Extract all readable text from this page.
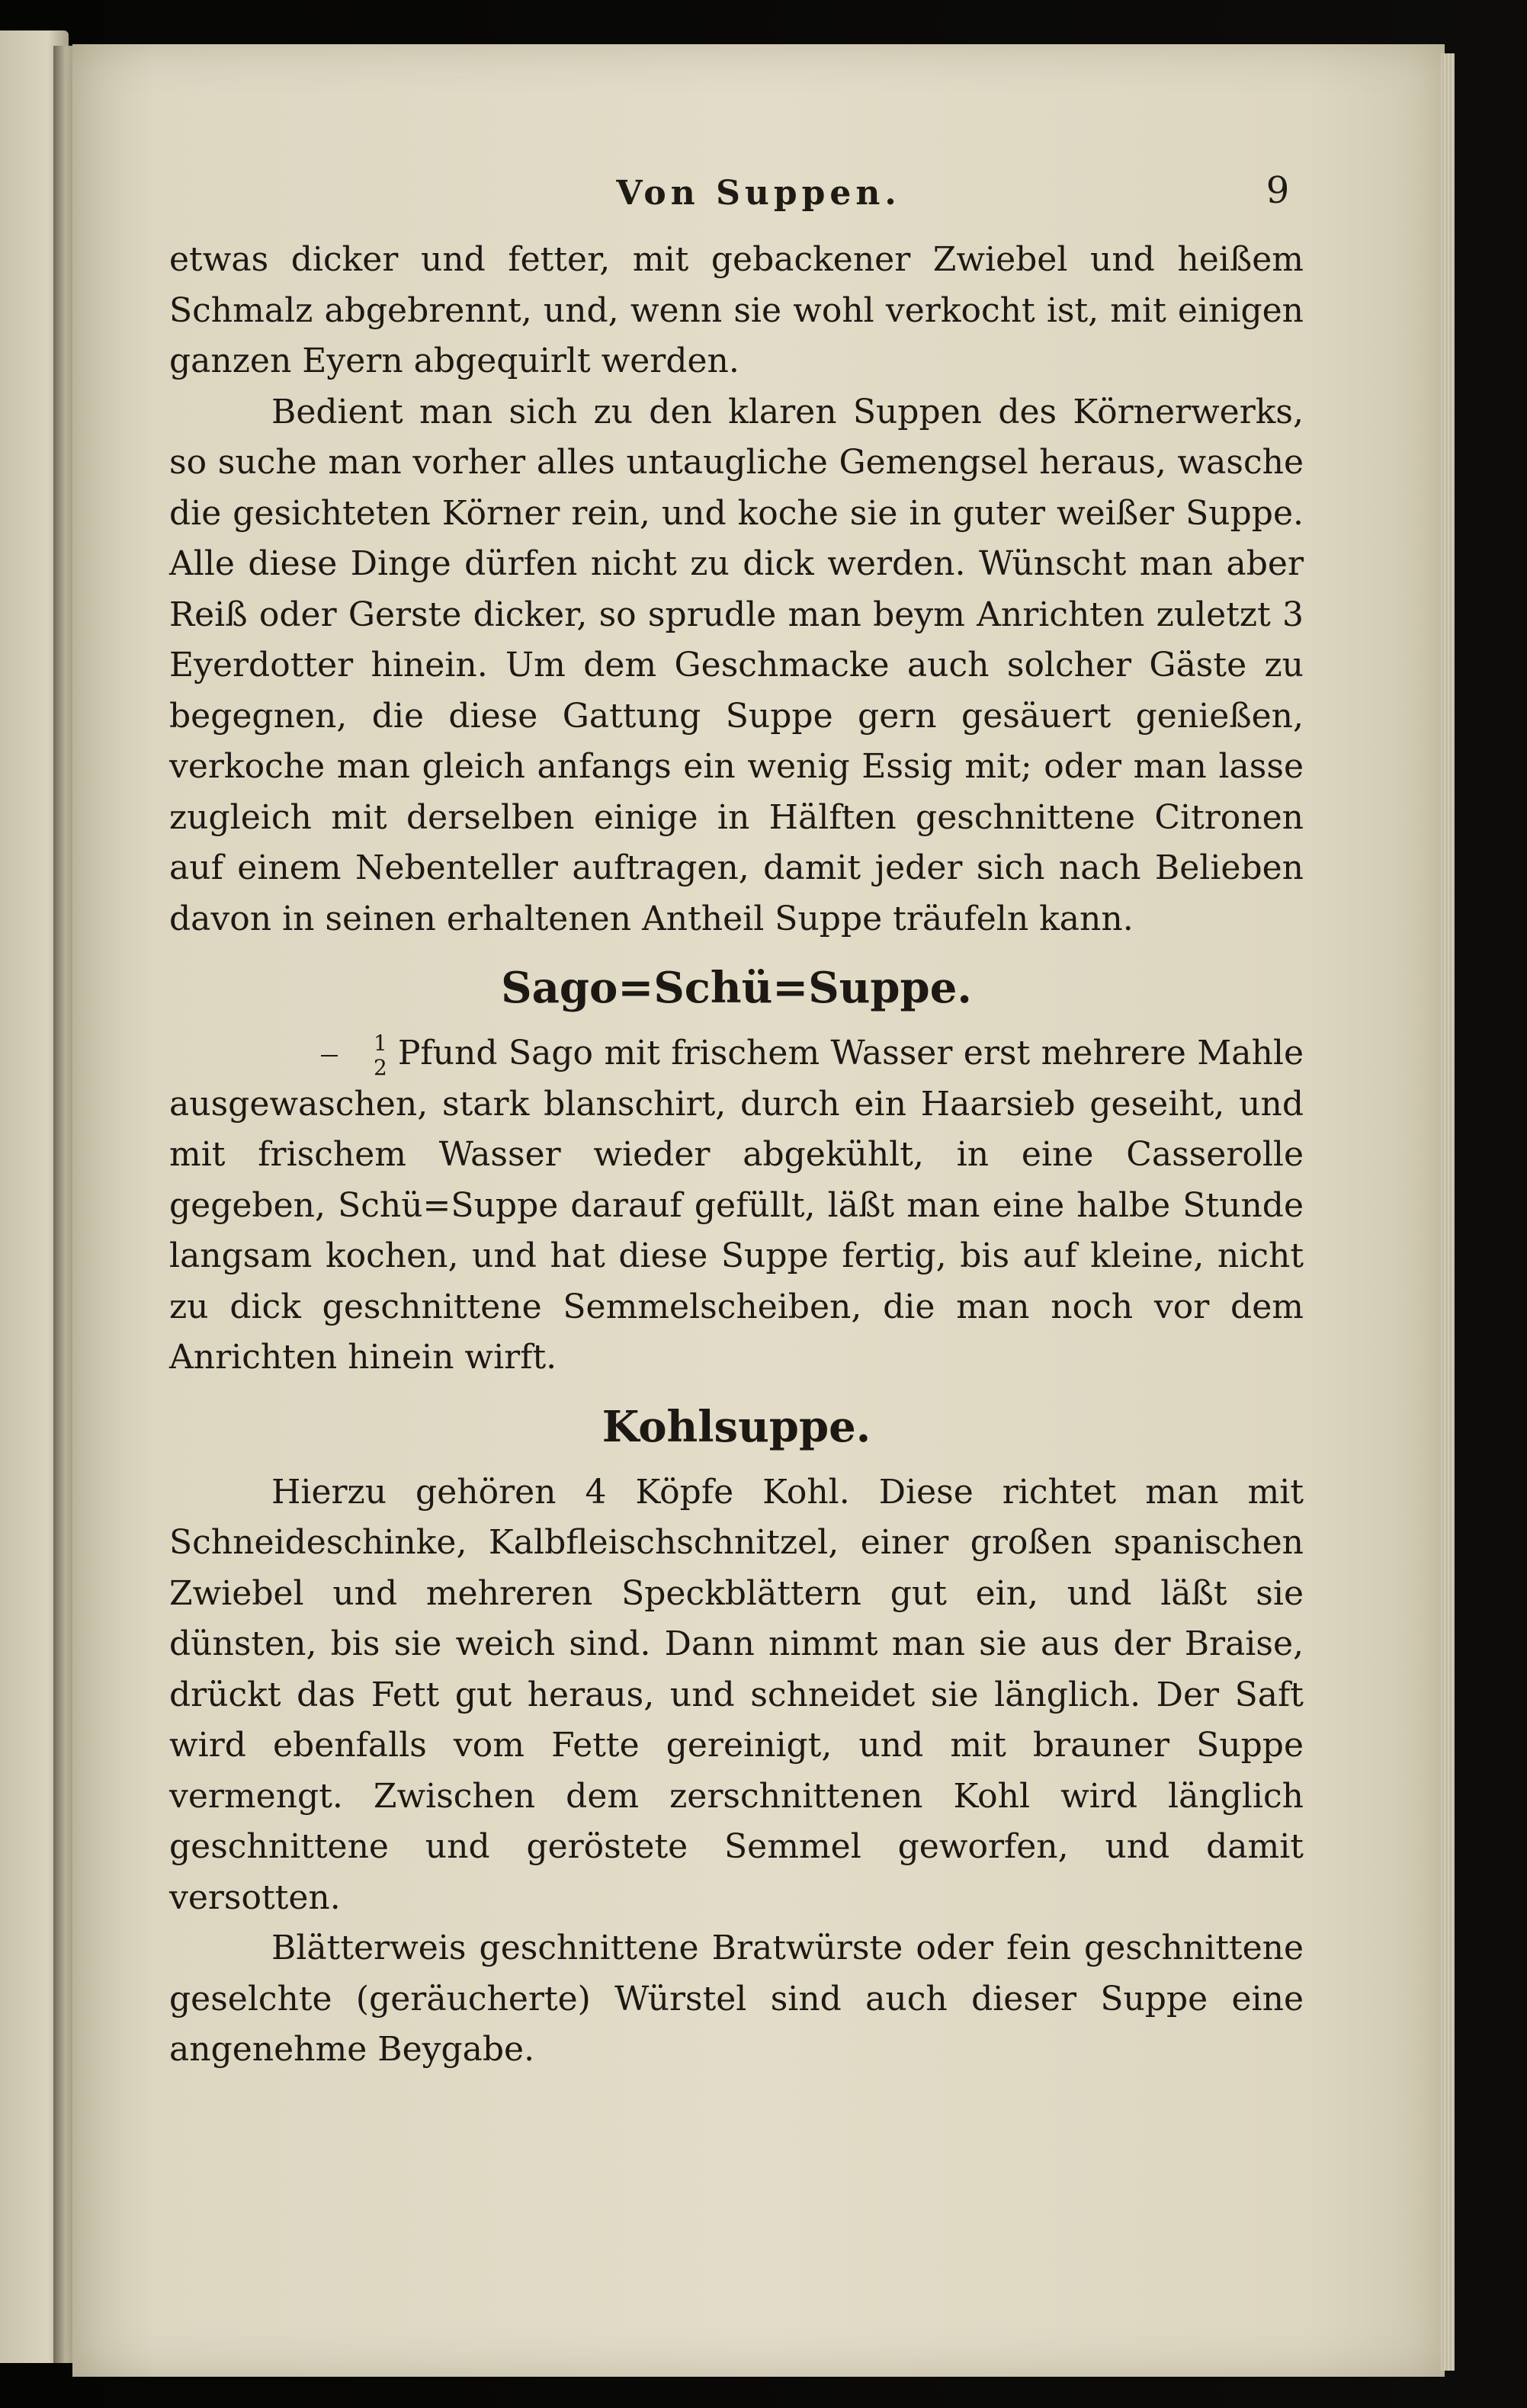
Von Suppen.	9

etwas dicker und fetter, mit gebackener Zwiebel und heißem Schmalz abgebrennt, und, wenn sie wohl verkocht ist, mit einigen ganzen Eyern abgequirlt werden.

Bedient man sich zu den klaren Suppen des Körnerwerks, so suche man vorher alles untaugliche Gemengsel heraus, wasche die gesichteten Körner rein, und koche sie in guter weißer Suppe. Alle diese Dinge dürfen nicht zu dick werden. Wünscht man aber Reiß oder Gerste dicker, so sprudle man beym Anrichten zuletzt 3 Eyerdotter hinein. Um dem Geschmacke auch solcher Gäste zu begegnen, die diese Gattung Suppe gern gesäuert genießen, verkoche man gleich anfangs ein wenig Essig mit; oder man lasse zugleich mit derselben einige in Hälften geschnittene Citronen auf einem Nebenteller auftragen, damit jeder sich nach Belieben davon in seinen erhaltenen Antheil Suppe träufeln kann.

Sago=Schü=Suppe.

$\frac{1}{2}$ Pfund Sago mit frischem Wasser erst mehrere Mahle ausgewaschen, stark blanschirt, durch ein Haarsieb geseiht, und mit frischem Wasser wieder abgekühlt, in eine Casserolle gegeben, Schü=Suppe darauf gefüllt, läßt man eine halbe Stunde langsam kochen, und hat diese Suppe fertig, bis auf kleine, nicht zu dick geschnittene Semmelscheiben, die man noch vor dem Anrichten hinein wirft.

Kohlsuppe.

Hierzu gehören 4 Köpfe Kohl. Diese richtet man mit Schneideschinke, Kalbfleischschnitzel, einer großen spanischen Zwiebel und mehreren Speckblättern gut ein, und läßt sie dünsten, bis sie weich sind. Dann nimmt man sie aus der Braise, drückt das Fett gut heraus, und schneidet sie länglich. Der Saft wird ebenfalls vom Fette gereinigt, und mit brauner Suppe vermengt. Zwischen dem zerschnittenen Kohl wird länglich geschnittene und geröstete Semmel geworfen, und damit versotten.

Blätterweis geschnittene Bratwürste oder fein geschnittene geselchte (geräucherte) Würstel sind auch dieser Suppe eine angenehme Beygabe.
